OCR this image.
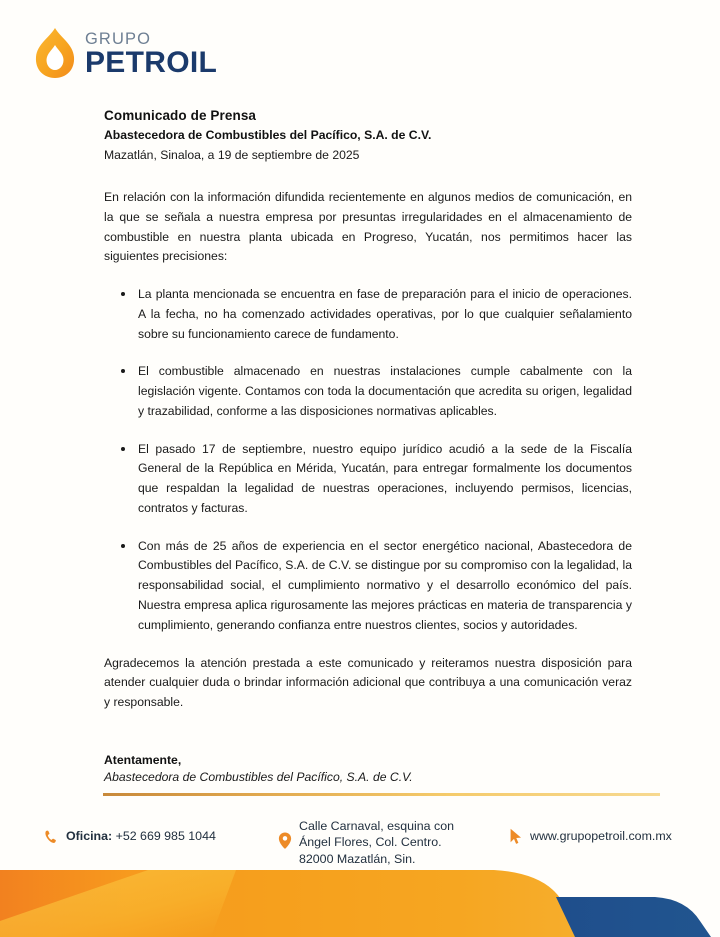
GRUPO
PETROIL
Comunicado de Prensa
Abastecedora de Combustibles del Pacífico, S.A. de C.V.
Mazatlán, Sinaloa, a 19 de septiembre de 2025

En relación con la información difundida recientemente en algunos medios de comunicación, en la que se señala a nuestra empresa por presuntas irregularidades en el almacenamiento de combustible en nuestra planta ubicada en Progreso, Yucatán, nos permitimos hacer las siguientes precisiones:

La planta mencionada se encuentra en fase de preparación para el inicio de operaciones. A la fecha, no ha comenzado actividades operativas, por lo que cualquier señalamiento sobre su funcionamiento carece de fundamento.
El combustible almacenado en nuestras instalaciones cumple cabalmente con la legislación vigente. Contamos con toda la documentación que acredita su origen, legalidad y trazabilidad, conforme a las disposiciones normativas aplicables.
El pasado 17 de septiembre, nuestro equipo jurídico acudió a la sede de la Fiscalía General de la República en Mérida, Yucatán, para entregar formalmente los documentos que respaldan la legalidad de nuestras operaciones, incluyendo permisos, licencias, contratos y facturas.
Con más de 25 años de experiencia en el sector energético nacional, Abastecedora de Combustibles del Pacífico, S.A. de C.V. se distingue por su compromiso con la legalidad, la responsabilidad social, el cumplimiento normativo y el desarrollo económico del país. Nuestra empresa aplica rigurosamente las mejores prácticas en materia de transparencia y cumplimiento, generando confianza entre nuestros clientes, socios y autoridades.

Agradecemos la atención prestada a este comunicado y reiteramos nuestra disposición para atender cualquier duda o brindar información adicional que contribuya a una comunicación veraz y responsable.

Atentamente,
Abastecedora de Combustibles del Pacífico, S.A. de C.V.
Oficina: +52 669 985 1044
Calle Carnaval, esquina con
Ángel Flores, Col. Centro.
82000 Mazatlán, Sin.
www.grupopetroil.com.mx
